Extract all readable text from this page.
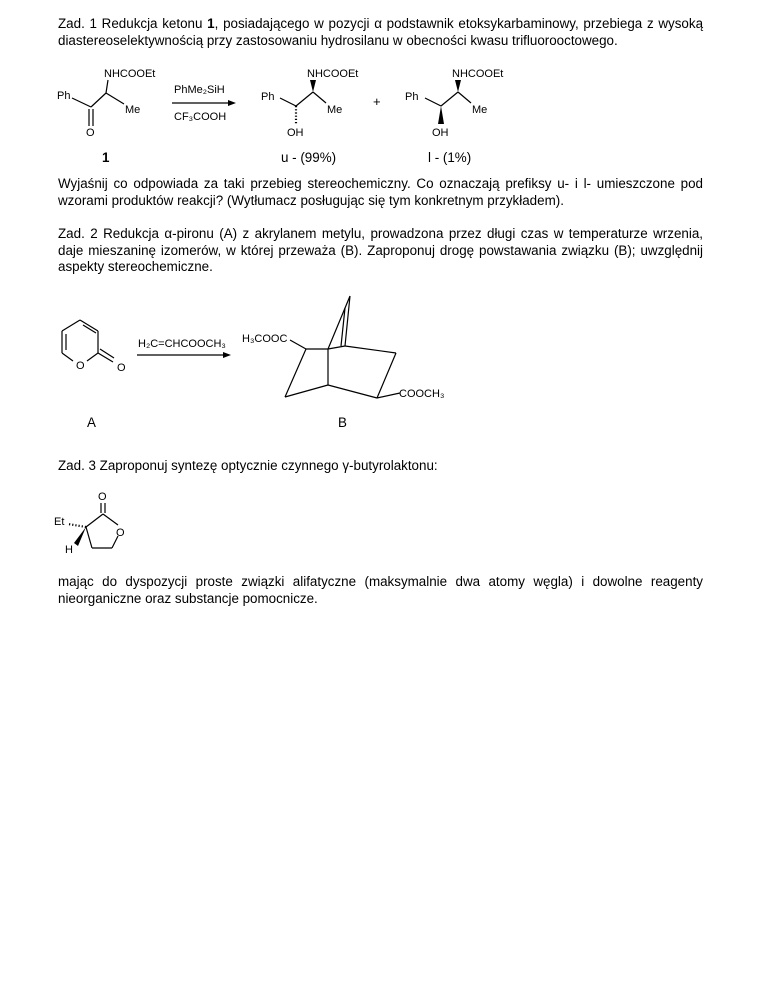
Zad. 1 Redukcja ketonu 1, posiadającego w pozycji α podstawnik etoksykarbaminowy, przebiega z wysoką diastereoselektywnością przy zastosowaniu hydrosilanu w obecności kwasu trifluorooctowego.
NHCOOEt
Ph
Me
O
PhMe₂SiH
CF₃COOH
NHCOOEt
Ph
Me
OH
+
NHCOOEt
Ph
Me
OH
1	u - (99%)	l - (1%)
Wyjaśnij co odpowiada za taki przebieg stereochemiczny. Co oznaczają prefiksy u- i l- umieszczone pod wzorami produktów reakcji? (Wytłumacz posługując się tym konkretnym przykładem).
Zad. 2 Redukcja α-pironu (A) z akrylanem metylu, prowadzona przez długi czas w temperaturze wrzenia, daje mieszaninę izomerów, w której przeważa (B). Zaproponuj drogę powstawania związku (B); uwzględnij aspekty stereochemiczne.
O	O
H₂C=CHCOOCH₃ H₃COOC
COOCH₃
A	B
Zad. 3 Zaproponuj syntezę optycznie czynnego γ-butyrolaktonu:
O
O
Et
H
mając do dyspozycji proste związki alifatyczne (maksymalnie dwa atomy węgla) i dowolne reagenty nieorganiczne oraz substancje pomocnicze.
